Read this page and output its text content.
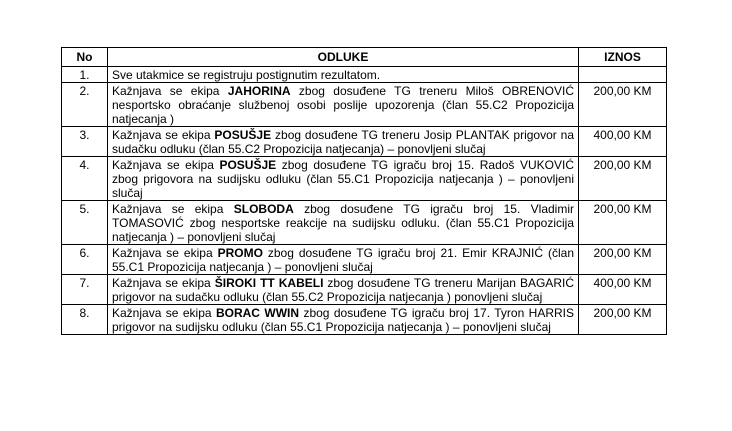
No	ODLUKE	IZNOS
1.	Sve utakmice se registruju postignutim rezultatom.	
2.	Kažnjava se ekipa JAHORINA zbog dosuđene TG treneru Miloš OBRENOVIĆ nesportsko obraćanje službenoj osobi poslije upozorenja (član 55.C2 Propozicija natjecanja )	200,00 KM
3.	Kažnjava se ekipa POSUŠJE zbog dosuđene TG treneru Josip PLANTAK prigovor na sudačku odluku (član 55.C2 Propozicija natjecanja) – ponovljeni slučaj	400,00 KM
4.	Kažnjava se ekipa POSUŠJE zbog dosuđene TG igraču broj 15. Radoš VUKOVIĆ zbog prigovora na sudijsku odluku (član 55.C1 Propozicija natjecanja ) – ponovljeni slučaj	200,00 KM
5.	Kažnjava se ekipa SLOBODA zbog dosuđene TG igraču broj 15. Vladimir TOMASOVIĆ zbog nesportske reakcije na sudijsku odluku. (član 55.C1 Propozicija natjecanja ) – ponovljeni slučaj	200,00 KM
6.	Kažnjava se ekipa PROMO zbog dosuđene TG igraču broj 21. Emir KRAJNIĆ (član 55.C1 Propozicija natjecanja ) – ponovljeni slučaj	200,00 KM
7.	Kažnjava se ekipa ŠIROKI TT KABELI zbog dosuđene TG treneru Marijan BAGARIĆ prigovor na sudačku odluku (član 55.C2 Propozicija natjecanja ) ponovljeni slučaj	400,00 KM
8.	Kažnjava se ekipa BORAC WWIN zbog dosuđene TG igraču broj 17. Tyron HARRIS prigovor na sudijsku odluku (član 55.C1 Propozicija natjecanja ) – ponovljeni slučaj	200,00 KM
